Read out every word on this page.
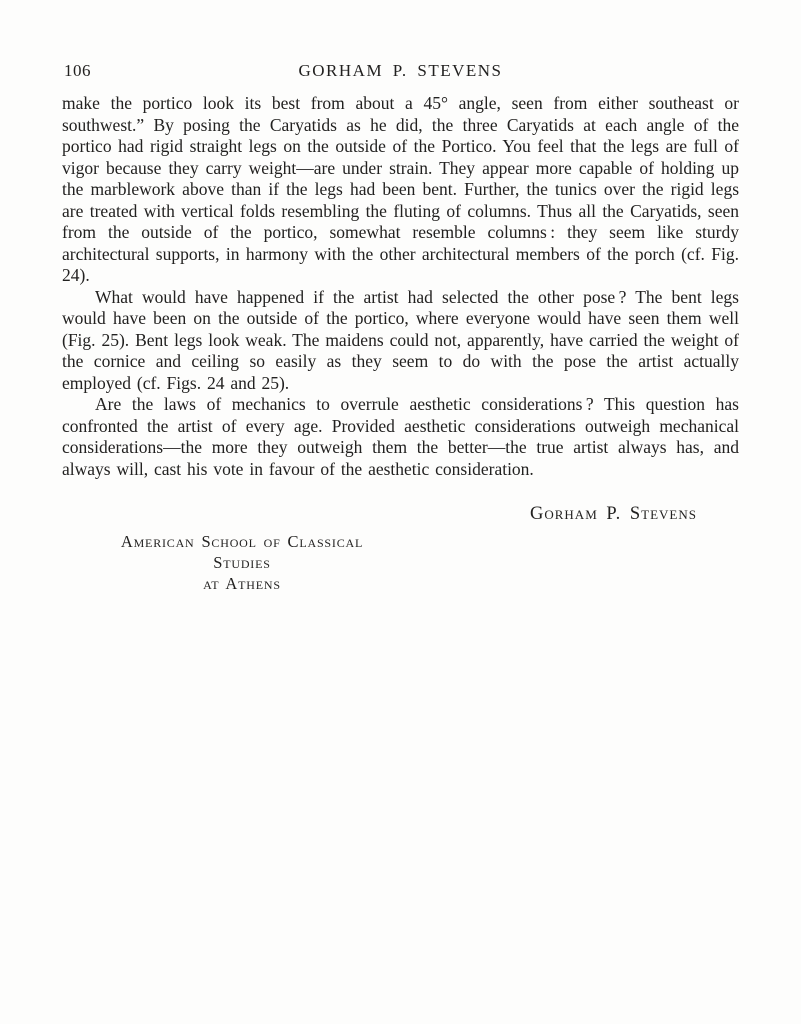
106	GORHAM P. STEVENS

make the portico look its best from about a 45° angle, seen from either southeast or southwest.” By posing the Caryatids as he did, the three Caryatids at each angle of the portico had rigid straight legs on the outside of the Portico. You feel that the legs are full of vigor because they carry weight—are under strain. They appear more capable of holding up the marblework above than if the legs had been bent. Further, the tunics over the rigid legs are treated with vertical folds resembling the fluting of columns. Thus all the Caryatids, seen from the outside of the portico, somewhat resemble columns : they seem like sturdy architectural supports, in harmony with the other architectural members of the porch (cf. Fig. 24).

What would have happened if the artist had selected the other pose ? The bent legs would have been on the outside of the portico, where everyone would have seen them well (Fig. 25). Bent legs look weak. The maidens could not, apparently, have carried the weight of the cornice and ceiling so easily as they seem to do with the pose the artist actually employed (cf. Figs. 24 and 25).

Are the laws of mechanics to overrule aesthetic considerations ? This question has confronted the artist of every age. Provided aesthetic considerations outweigh mechanical considerations—the more they outweigh them the better—the true artist always has, and always will, cast his vote in favour of the aesthetic consideration.

Gorham P. Stevens
American School of Classical Studies
at Athens
